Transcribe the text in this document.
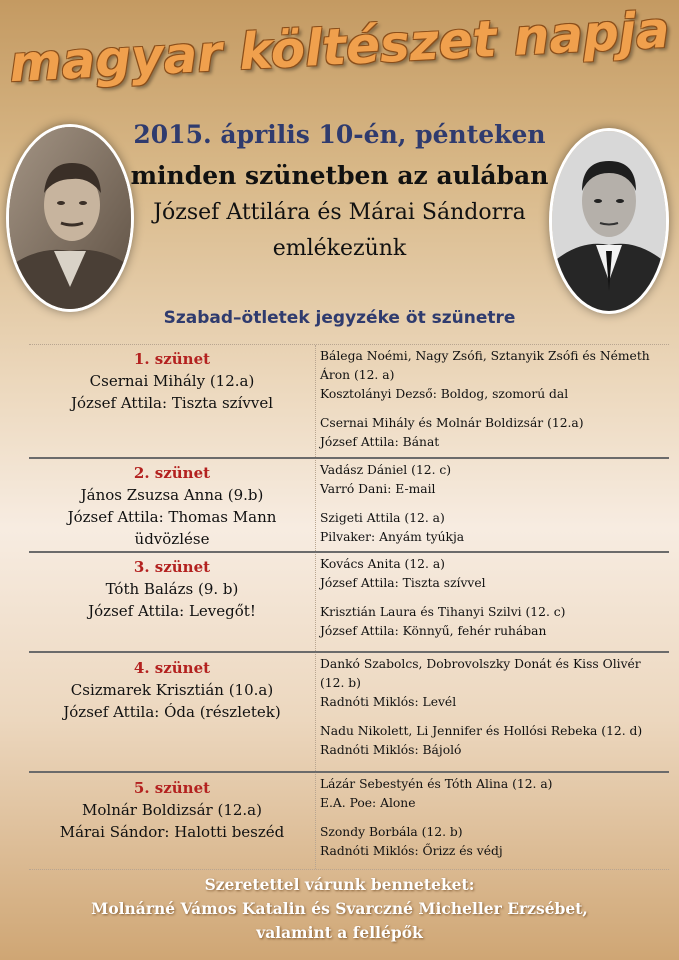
magyar költészet napja
2015. április 10-én, pénteken
minden szünetben az aulában
József Attilára és Márai Sándorra
emlékezünk
Szabad–ötletek jegyzéke öt szünetre
1. szünet
Csernai Mihály (12.a)
József Attila: Tiszta szívvel
Bálega Noémi, Nagy Zsófi, Sztanyik Zsófi és Németh Áron (12. a)
Kosztolányi Dezső: Boldog, szomorú dal
Csernai Mihály és Molnár Boldizsár (12.a)
József Attila: Bánat
2. szünet
János Zsuzsa Anna (9.b)
József Attila: Thomas Mann üdvözlése
Vadász Dániel (12. c)
Varró Dani: E-mail
Szigeti Attila (12. a)
Pilvaker: Anyám tyúkja
3. szünet
Tóth Balázs (9. b)
József Attila: Levegőt!
Kovács Anita (12. a)
József Attila: Tiszta szívvel
Krisztián Laura és Tihanyi Szilvi (12. c)
József Attila: Könnyű, fehér ruhában
4. szünet
Csizmarek Krisztián (10.a)
József Attila: Óda (részletek)
Dankó Szabolcs, Dobrovolszky Donát és Kiss Olivér (12. b)
Radnóti Miklós: Levél
Nadu Nikolett, Li Jennifer és Hollósi Rebeka (12. d)
Radnóti Miklós: Bájoló
5. szünet
Molnár Boldizsár (12.a)
Márai Sándor: Halotti beszéd
Lázár Sebestyén és Tóth Alina (12. a)
E.A. Poe: Alone
Szondy Borbála (12. b)
Radnóti Miklós: Őrizz és védj
Szeretettel várunk benneteket:
Molnárné Vámos Katalin és Svarczné Micheller Erzsébet,
valamint a fellépők
